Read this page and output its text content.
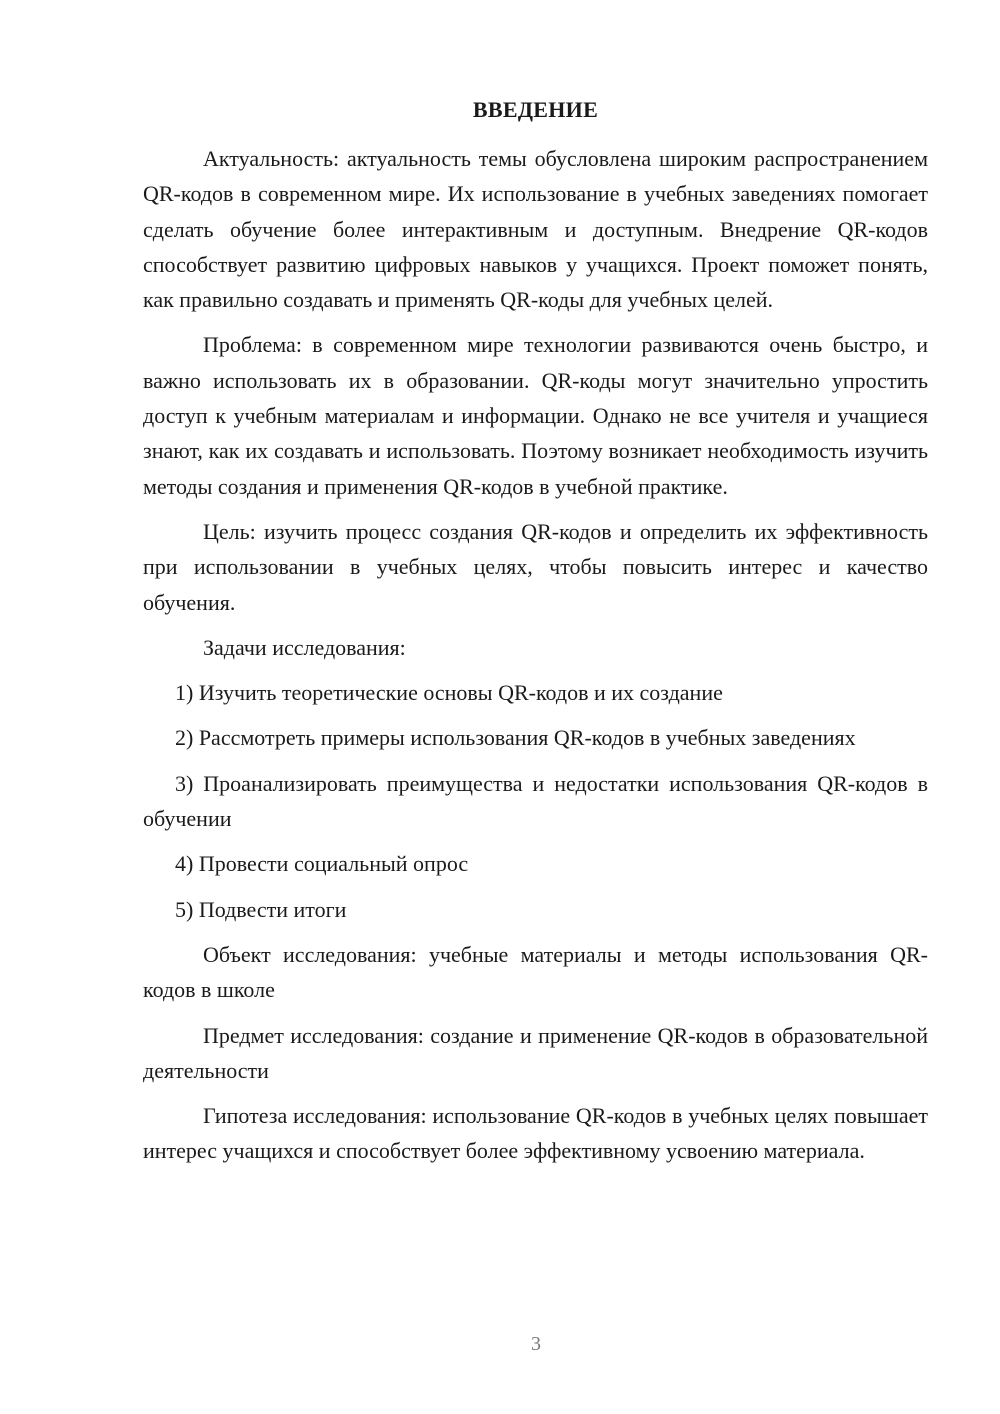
ВВЕДЕНИЕ

Актуальность: актуальность темы обусловлена широким распространением QR-кодов в современном мире. Их использование в учебных заведениях помогает сделать обучение более интерактивным и доступным. Внедрение QR-кодов способствует развитию цифровых навыков у учащихся. Проект поможет понять, как правильно создавать и применять QR-коды для учебных целей.

Проблема: в современном мире технологии развиваются очень быстро, и важно использовать их в образовании. QR-коды могут значительно упростить доступ к учебным материалам и информации. Однако не все учителя и учащиеся знают, как их создавать и использовать. Поэтому возникает необходимость изучить методы создания и применения QR-кодов в учебной практике.

Цель: изучить процесс создания QR-кодов и определить их эффективность при использовании в учебных целях, чтобы повысить интерес и качество обучения.

Задачи исследования:

1) Изучить теоретические основы QR-кодов и их создание

2) Рассмотреть примеры использования QR-кодов в учебных заведениях

3) Проанализировать преимущества и недостатки использования QR-кодов в обучении

4) Провести социальный опрос

5) Подвести итоги

Объект исследования: учебные материалы и методы использования QR-кодов в школе

Предмет исследования: создание и применение QR-кодов в образовательной деятельности

Гипотеза исследования: использование QR-кодов в учебных целях повышает интерес учащихся и способствует более эффективному усвоению материала.

3
